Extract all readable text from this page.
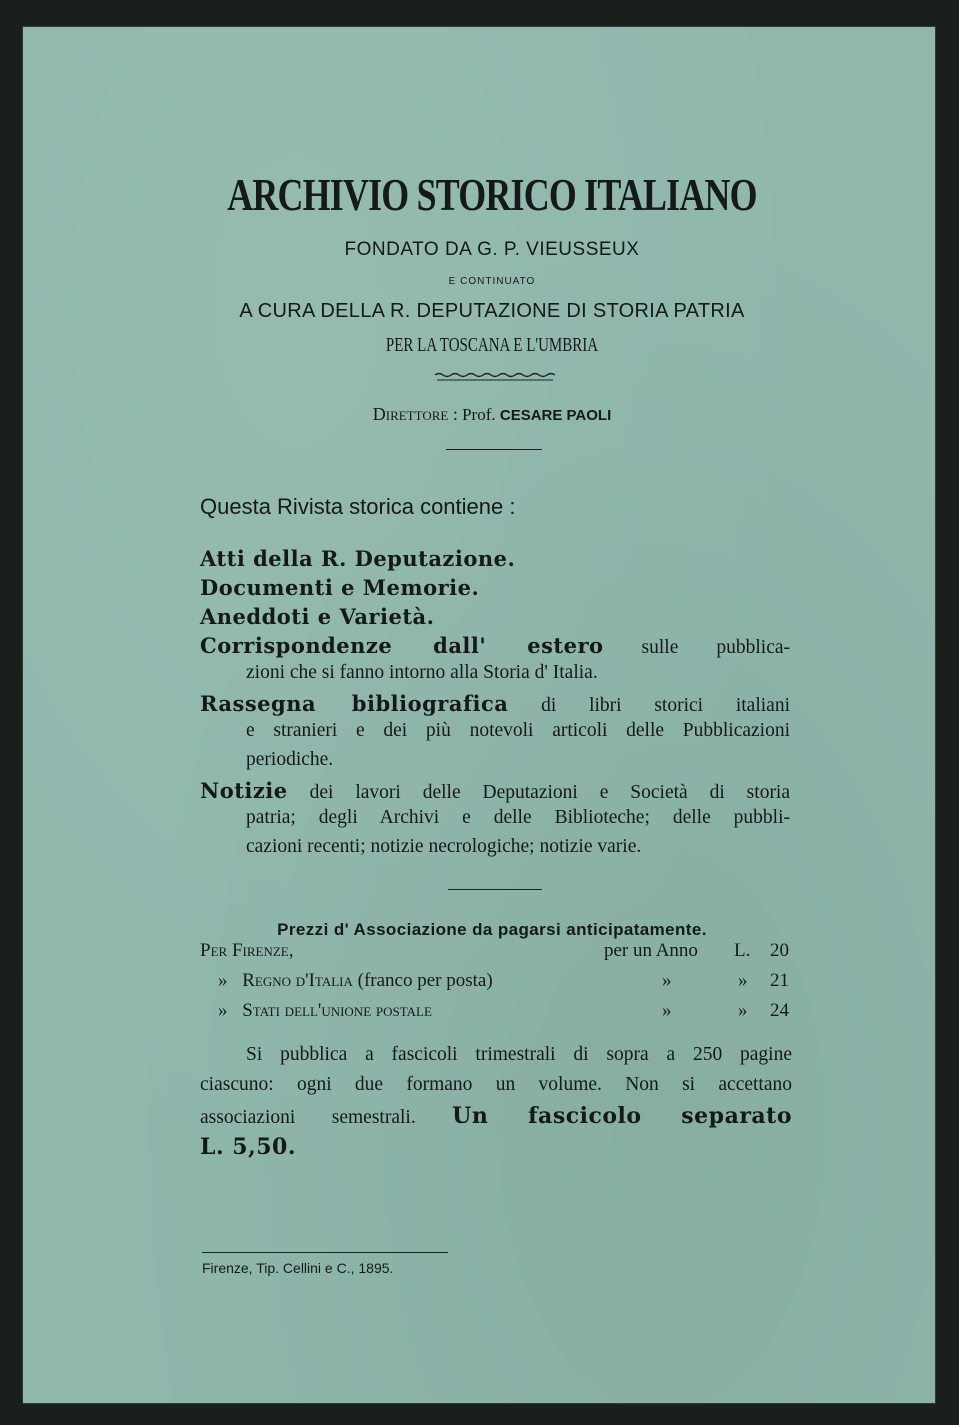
ARCHIVIO STORICO ITALIANO
FONDATO DA G. P. VIEUSSEUX
E CONTINUATO
A CURA DELLA R. DEPUTAZIONE DI STORIA PATRIA
PER LA TOSCANA E L'UMBRIA
Direttore : Prof. CESARE PAOLI
Questa Rivista storica contiene :
Atti della R. Deputazione.
Documenti e Memorie.
Aneddoti e Varietà.
Corrispondenze dall' estero sulle pubblica-
zioni che si fanno intorno alla Storia d' Italia.
Rassegna bibliografica di libri storici italiani
e stranieri e dei più notevoli articoli delle Pubblicazioni
periodiche.
Notizie dei lavori delle Deputazioni e Società di storia
patria; degli Archivi e delle Biblioteche; delle pubbli-
cazioni recenti; notizie necrologiche; notizie varie.
Prezzi d' Associazione da pagarsi anticipatamente.
Per Firenze,	per un Anno L. 20
» Regno d'Italia (franco per posta)	»	» 21
» Stati dell'unione postale	»	» 24
Si pubblica a fascicoli trimestrali di sopra a 250 pagine
ciascuno: ogni due formano un volume. Non si accettano
associazioni semestrali. Un fascicolo separato
L. 5,50.
Firenze, Tip. Cellini e C., 1895.
